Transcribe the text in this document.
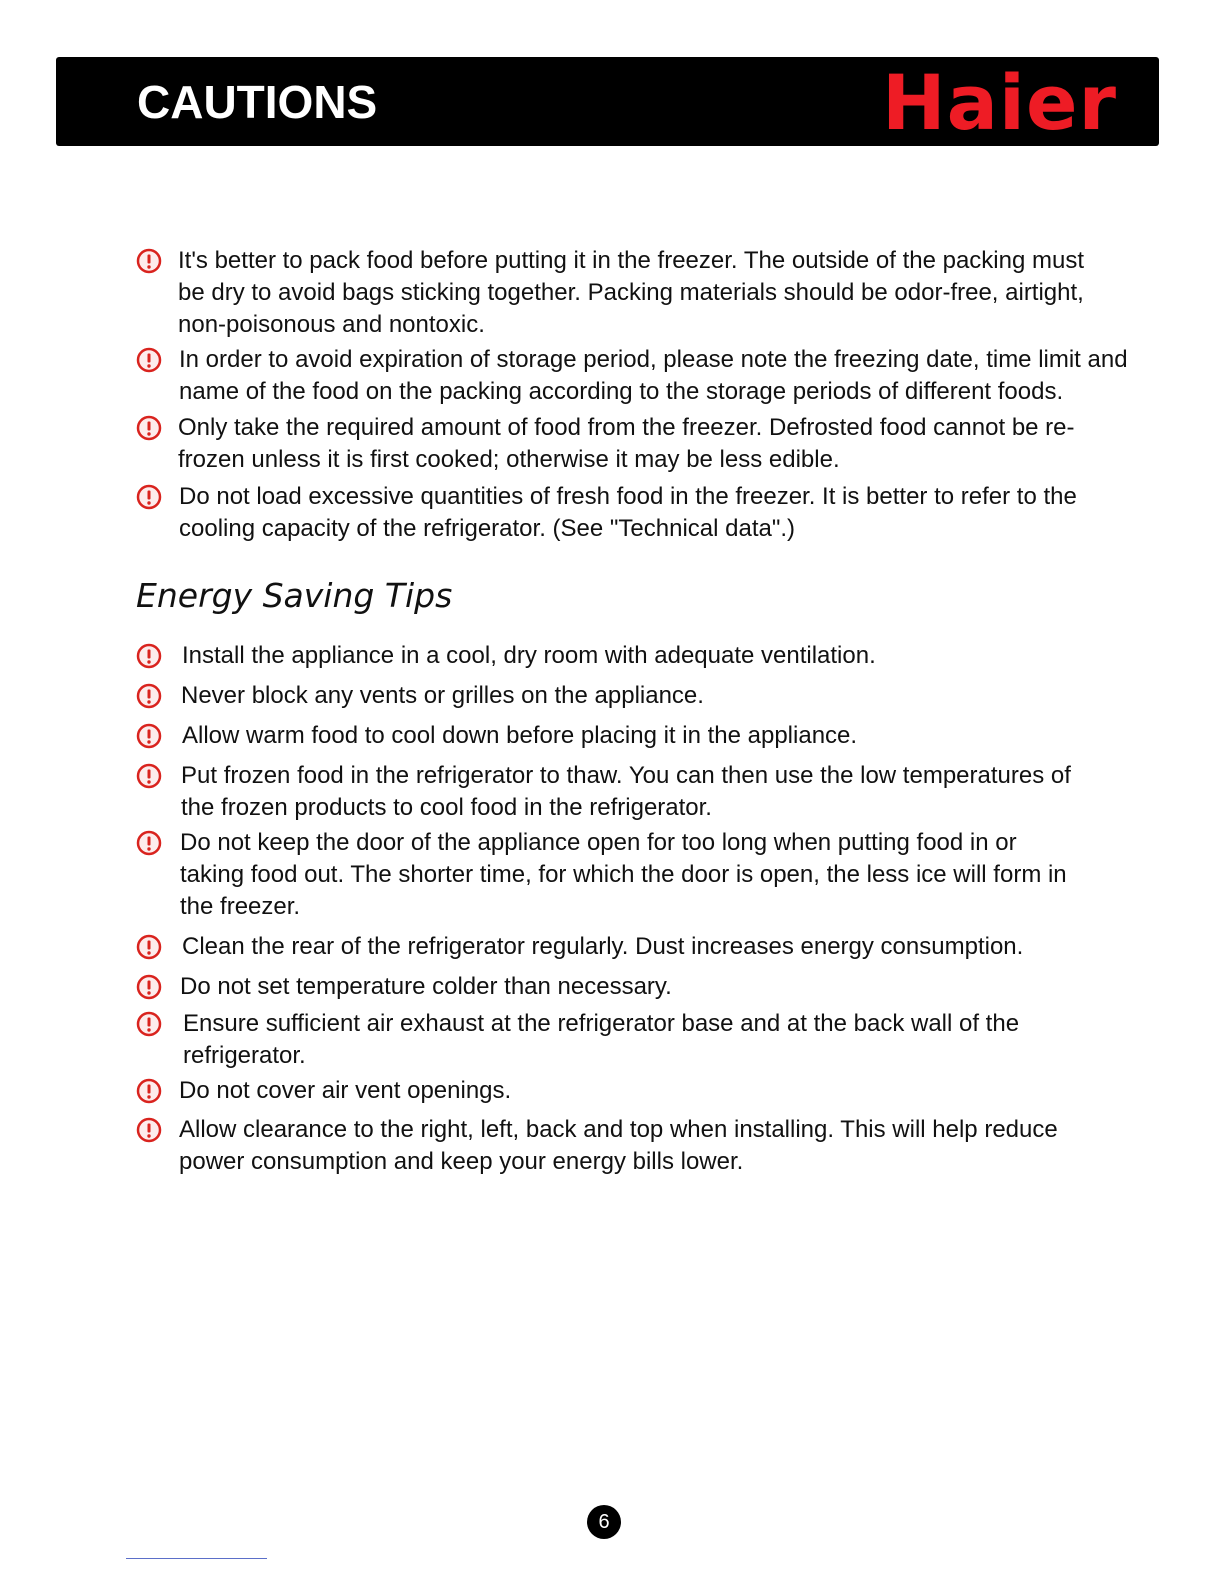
CAUTIONS	Haier
It's better to pack food before putting it in the freezer. The outside of the packing must be dry to avoid bags sticking together. Packing materials should be odor-free, airtight, non-poisonous and nontoxic.
In order to avoid expiration of storage period, please note the freezing date, time limit and name of the food on the packing according to the storage periods of different foods.
Only take the required amount of food from the freezer. Defrosted food cannot be re- frozen unless it is first cooked; otherwise it may be less edible.
Do not load excessive quantities of fresh food in the freezer. It is better to refer to the cooling capacity of the refrigerator. (See "Technical data".)
Energy Saving Tips
Install the appliance in a cool, dry room with adequate ventilation.
Never block any vents or grilles on the appliance.
Allow warm food to cool down before placing it in the appliance.
Put frozen food in the refrigerator to thaw. You can then use the low temperatures of the frozen products to cool food in the refrigerator.
Do not keep the door of the appliance open for too long when putting food in or taking food out. The shorter time, for which the door is open, the less ice will form in the freezer.
Clean the rear of the refrigerator regularly. Dust increases energy consumption.
Do not set temperature colder than necessary.
Ensure sufficient air exhaust at the refrigerator base and at the back wall of the refrigerator.
Do not cover air vent openings.
Allow clearance to the right, left, back and top when installing. This will help reduce power consumption and keep your energy bills lower.
6
